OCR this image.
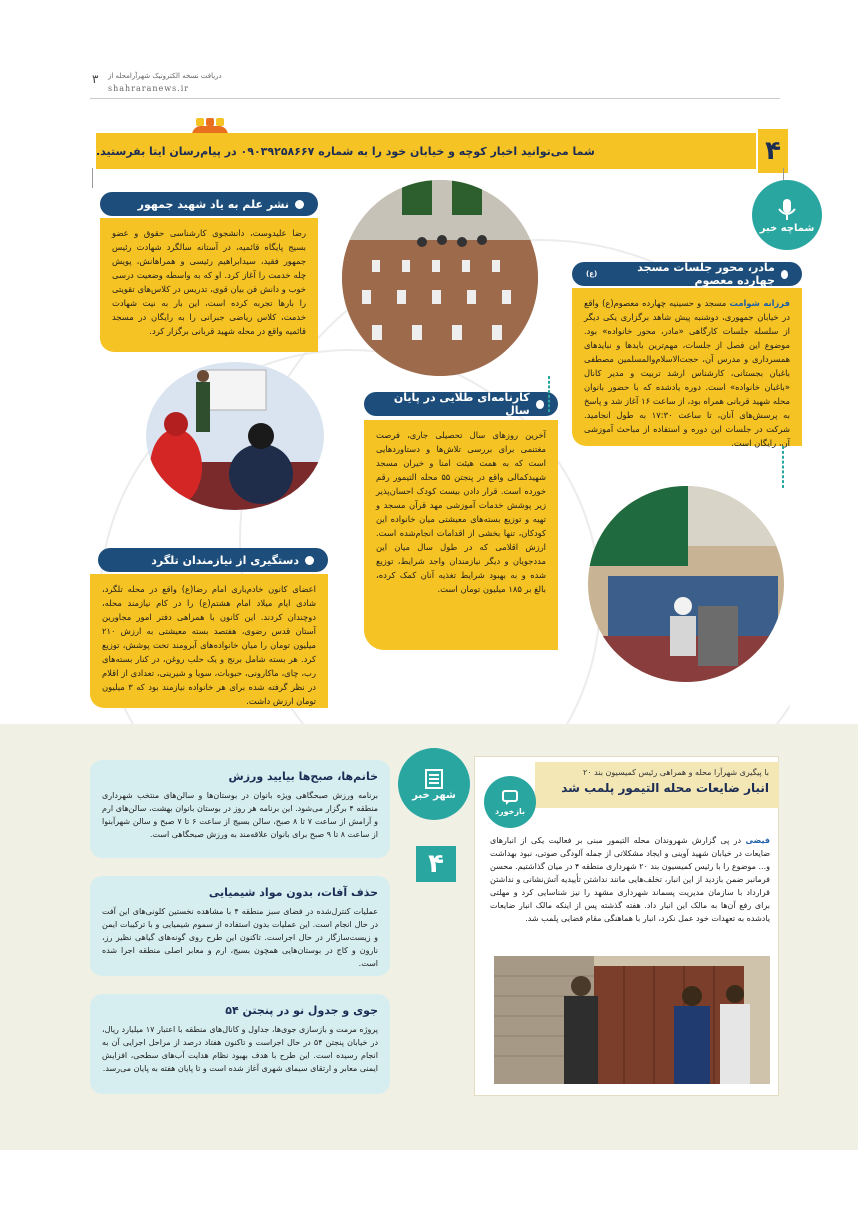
دریافت نسخه الکترونیک شهرآرامحله از
shahraranews.ir
۳
شما می‌توانید اخبار کوچه و خیابان خود را به شماره ۰۹۰۳۹۲۵۸۶۶۷ در پیام‌رسان ایتا بفرستید.	۴
شماچه خبر
نشر علم به یاد شهید جمهور
رضا علیدوست، دانشجوی کارشناسی حقوق و عضو بسیج پایگاه قائمیه، در آستانه سالگرد شهادت رئیس جمهور فقید، سیدابراهیم رئیسی و همراهانش، پویش چله خدمت را آغاز کرد. او که به واسطه وضعیت درسی خوب و دانش فن بیان قوی، تدریس در کلاس‌های تقویتی را بارها تجربه کرده است، این بار به نیت شهادت خدمت، کلاس ریاضی جبرانی را به رایگان در مسجد قائمیه واقع در محله شهید قربانی برگزار کرد.
مادر، محور جلسات مسجد چهارده معصوم
(ع)
فرزانه شوامت مسجد و حسینیه چهارده معصوم(ع) واقع در خیابان جمهوری، دوشنبه پیش شاهد برگزاری یکی دیگر از سلسله جلسات کارگاهی «مادر، محور خانواده» بود. موضوع این فصل از جلسات، مهم‌ترین بایدها و نبایدهای همسرداری و مدرس آن، حجت‌الاسلام‌والمسلمین مصطفی باغبان بجستانی، کارشناس ارشد تربیت و مدیر کانال «باغبان خانواده» است. دوره یادشده که با حضور بانوان محله شهید قربانی همراه بود، از ساعت ۱۶ آغاز شد و پاسخ به پرسش‌های آنان، تا ساعت ۱۷:۳۰ به طول انجامید. شرکت در جلسات این دوره و استفاده از مباحث آموزشی آن، رایگان است.
کارنامه‌ای طلایی در پایان سال
آخرین روزهای سال تحصیلی جاری، فرصت مغتنمی برای بررسی تلاش‌ها و دستاوردهایی است که به همت هیئت امنا و خیران مسجد شهیدکمالی واقع در پنجتن ۵۵ محله التیمور رقم خورده است. قرار دادن بیست کودک احسان‌پذیر زیر پوشش خدمات آموزشی مهد قرآن مسجد و تهیه و توزیع بسته‌های معیشتی میان خانواده این کودکان، تنها بخشی از اقدامات انجام‌شده است. ارزش اقلامی که در طول سال میان این مددجویان و دیگر نیازمندان واجد شرایط، توزیع شده و به بهبود شرایط تغذیه آنان کمک کرده، بالغ بر ۱۸۵ میلیون تومان است.
دستگیری از نیازمندان تلگرد
اعضای کانون خادم‌یاری امام رضا(ع) واقع در محله تلگرد، شادی ایام میلاد امام هشتم(ع) را در کام نیازمند محله، دوچندان کردند. این کانون با همراهی دفتر امور مجاورین آستان قدس رضوی، هفتصد بسته معیشتی به ارزش ۲۱۰ میلیون تومان را میان خانواده‌های آبرومند تحت پوشش، توزیع کرد. هر بسته شامل برنج و یک حلب روغن، در کنار بسته‌های رب، چای، ماکارونی، حبوبات، سویا و شیرینی، تعدادی از اقلام در نظر گرفته شده برای هر خانواده نیازمند بود که ۳ میلیون تومان ارزش داشت.
شهر خبر
۴
خانم‌ها، صبح‌ها بیایید ورزش

برنامه ورزش صبحگاهی ویژه بانوان در بوستان‌ها و سالن‌های منتخب شهرداری منطقه ۴ برگزار می‌شود. این برنامه هر روز در بوستان بانوان بهشت، سالن‌های ارم و آرامش از ساعت ۷ تا ۸ صبح، سالن بسیج از ساعت ۶ تا ۷ صبح و سالن شهرآبنوا از ساعت ۸ تا ۹ صبح برای بانوان علاقه‌مند به ورزش صبحگاهی است.

حذف آفات، بدون مواد شیمیایی

عملیات کنترل‌شده در فضای سبز منطقه ۴ با مشاهده نخستین کلونی‌های این آفت در حال انجام است. این عملیات بدون استفاده از سموم شیمیایی و با ترکیبات ایمن و زیست‌سازگار در حال اجراست. تاکنون این طرح روی گونه‌های گیاهی نظیر رز، نارون و کاج در بوستان‌هایی همچون بسیج، ارم و معابر اصلی منطقه اجرا شده است.

جوی و جدول نو در پنجتن ۵۴

پروژه مرمت و بازسازی جوی‌ها، جداول و کانال‌های منطقه با اعتبار ۱۷ میلیارد ریال، در خیابان پنجتن ۵۴ در حال اجراست و تاکنون هفتاد درصد از مراحل اجرایی آن به انجام رسیده است. این طرح با هدف بهبود نظام هدایت آب‌های سطحی، افزایش ایمنی معابر و ارتقای سیمای شهری آغاز شده است و تا پایان هفته به پایان می‌رسد.

با پیگیری شهرآرا محله و همراهی رئیس کمیسیون بند ۲۰
انبار ضایعات محله التیمور پلمب شد
بازخورد
فیضی در پی گزارش شهروندان محله التیمور مبنی بر فعالیت یکی از انبارهای ضایعات در خیابان شهید آوینی و ایجاد مشکلاتی از جمله آلودگی صوتی، نبود بهداشت و... موضوع را با رئیس کمیسیون بند ۲۰ شهرداری منطقه ۴ در میان گذاشتیم. محسن فرمانبر ضمن بازدید از این انبار، تخلف‌هایی مانند نداشتن تأییدیه آتش‌نشانی و نداشتن قرارداد با سازمان مدیریت پسماند شهرداری مشهد را نیز شناسایی کرد و مهلتی برای رفع آن‌ها به مالک این انبار داد. هفته گذشته پس از اینکه مالک انبار ضایعات یادشده به تعهدات خود عمل نکرد، انبار با هماهنگی مقام قضایی پلمب شد.
